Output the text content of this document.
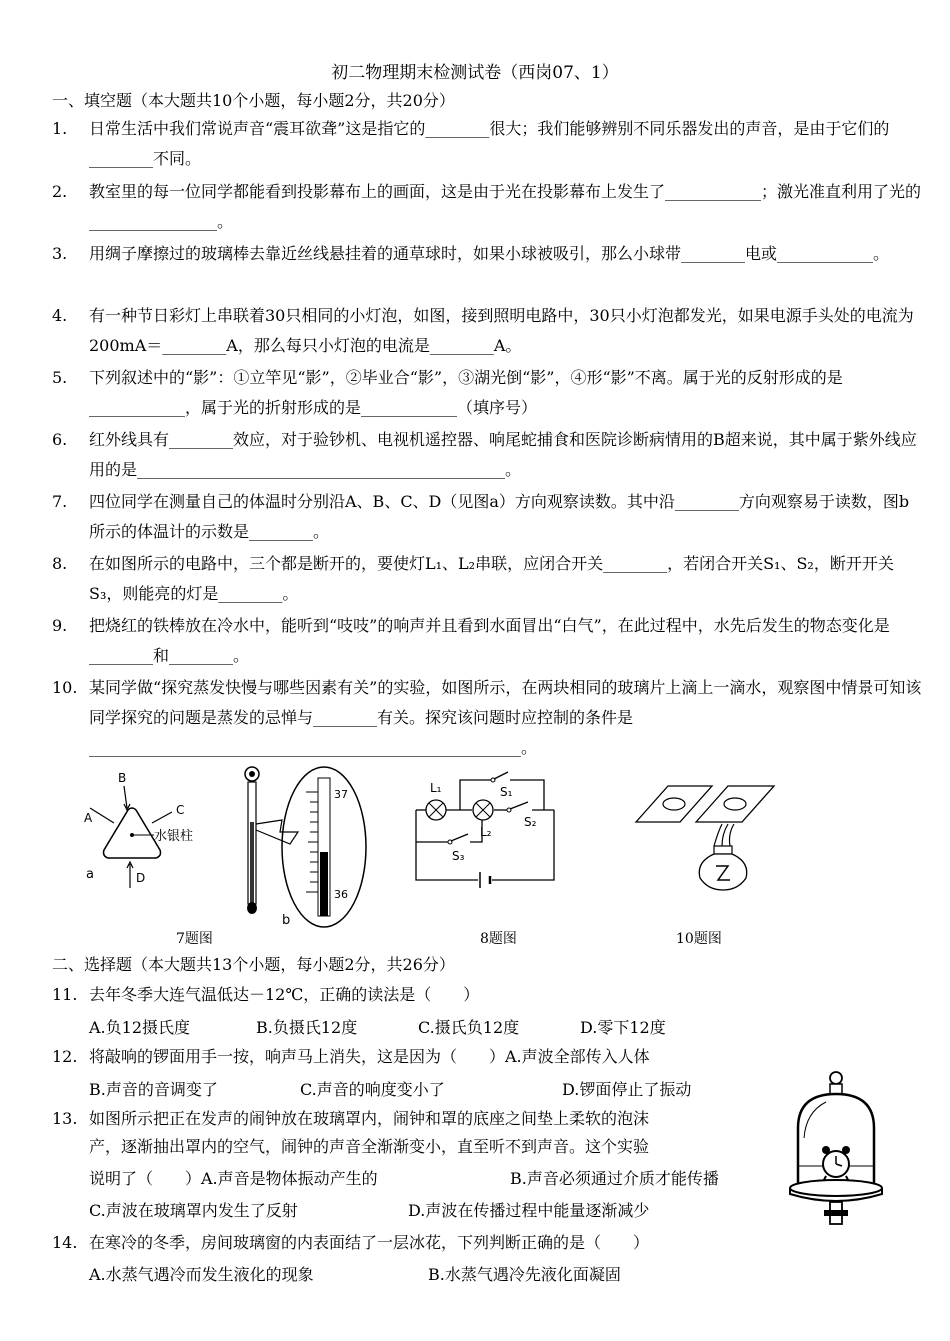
初二物理期末检测试卷（西岗07、1）
一、填空题（本大题共10个小题，每小题2分，共20分）
1.	日常生活中我们常说声音“震耳欲聋”这是指它的________很大；我们能够辨别不同乐器发出的声音，是由于它们的________不同。
2.	教室里的每一位同学都能看到投影幕布上的画面，这是由于光在投影幕布上发生了____________；激光准直利用了光的________________。
3.	用绸子摩擦过的玻璃棒去靠近丝线悬挂着的通草球时，如果小球被吸引，那么小球带________电或____________。
4.	有一种节日彩灯上串联着30只相同的小灯泡，如图，接到照明电路中，30只小灯泡都发光，如果电源手头处的电流为200mA＝________A，那么每只小灯泡的电流是________A。
5.	下列叙述中的“影”：①立竿见“影”，②毕业合“影”，③湖光倒“影”，④形“影”不离。属于光的反射形成的是____________，属于光的折射形成的是____________（填序号）
6.	红外线具有________效应，对于验钞机、电视机遥控器、响尾蛇捕食和医院诊断病情用的B超来说，其中属于紫外线应用的是______________________________________________。
7.	四位同学在测量自己的体温时分别沿A、B、C、D（见图a）方向观察读数。其中沿________方向观察易于读数，图b所示的体温计的示数是________。
8.	在如图所示的电路中，三个都是断开的，要使灯L₁、L₂串联，应闭合开关________，若闭合开关S₁、S₂，断开开关S₃，则能亮的灯是________。
9.	把烧红的铁棒放在冷水中，能听到“吱吱”的响声并且看到水面冒出“白气”，在此过程中，水先后发生的物态变化是________和________。
10. 某同学做“探究蒸发快慢与哪些因素有关”的实验，如图所示，在两块相同的玻璃片上滴上一滴水，观察图中情景可知该同学探究的问题是蒸发的忌惮与________有关。探究该问题时应控制的条件是______________________________________________________。
B
A
C
水银柱
D
a
37
36
b
L₁
L₂
S₁
S₂
S₃
7题图	8题图	10题图
二、选择题（本大题共13个小题，每小题2分，共26分）
11. 去年冬季大连气温低达－12℃，正确的读法是（　　）
A.负12摄氏度	B.负摄氏12度	C.摄氏负12度	D.零下12度
12. 将敲响的锣面用手一按，响声马上消失，这是因为（　　）A.声波全部传入人体
B.声音的音调变了	C.声音的响度变小了	D.锣面停止了振动
13. 如图所示把正在发声的闹钟放在玻璃罩内，闹钟和罩的底座之间垫上柔软的泡沫
产，逐渐抽出罩内的空气，闹钟的声音全渐渐变小，直至听不到声音。这个实验
说明了（　　）A.声音是物体振动产生的	B.声音必须通过介质才能传播
C.声波在玻璃罩内发生了反射	D.声波在传播过程中能量逐渐减少
14. 在寒冷的冬季，房间玻璃窗的内表面结了一层冰花，下列判断正确的是（　　）
A.水蒸气遇冷而发生液化的现象	B.水蒸气遇冷先液化面凝固
